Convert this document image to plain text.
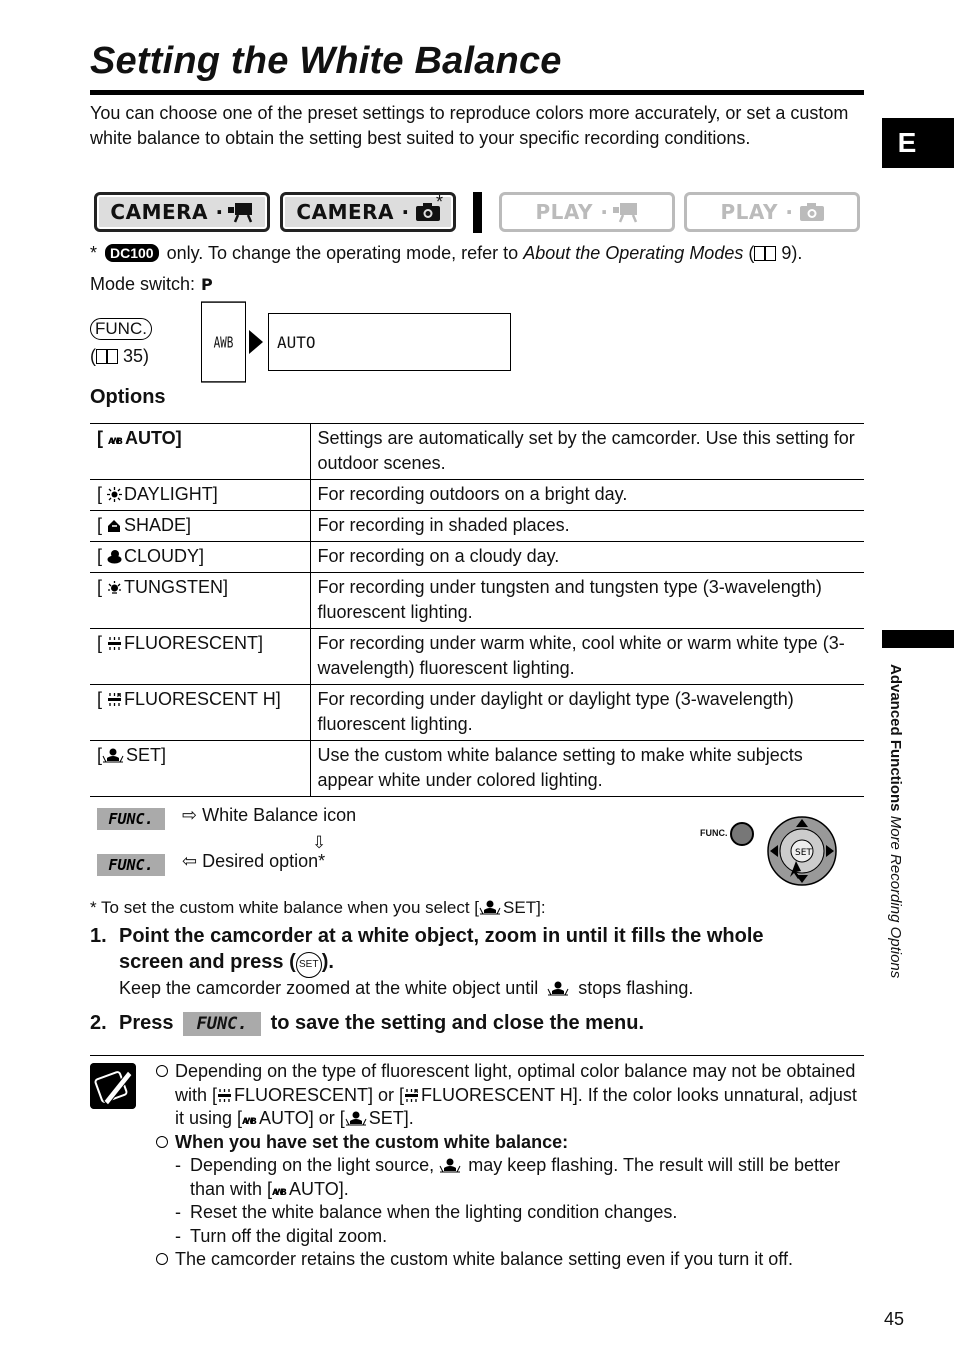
Setting the White Balance
You can choose one of the preset settings to reproduce colors more accurately, or set a custom white balance to obtain the setting best suited to your specific recording conditions.	E
CAMERA ·	CAMERA · *	PLAY ·	PLAY ·
* DC100 only. To change the operating mode, refer to About the Operating Modes ( 9).
Mode switch: P
FUNC.
( 35)
AWB	AUTO
Options
[ AWB AUTO]	Settings are automatically set by the camcorder. Use this setting for outdoor scenes.
[ DAYLIGHT]	For recording outdoors on a bright day.
[ SHADE]	For recording in shaded places.
[ CLOUDY]	For recording on a cloudy day.
[ TUNGSTEN]	For recording under tungsten and tungsten type (3-wavelength) fluorescent lighting.
[ FLUORESCENT]	For recording under warm white, cool white or warm white type (3-wavelength) fluorescent lighting.
[ H FLUORESCENT H]	For recording under daylight or daylight type (3-wavelength) fluorescent lighting.
[ SET]	Use the custom white balance setting to make white subjects appear white under colored lighting.
FUNC.	⇨ White Balance icon
⇩
FUNC.	⇦ Desired option*
FUNC.
SET
* To set the custom white balance when you select [ SET]:
1. Point the camcorder at a white object, zoom in until it fills the whole
screen and press ( SET ).
Keep the camcorder zoomed at the white object until stops flashing.
2. Press FUNC. to save the setting and close the menu.
Depending on the type of fluorescent light, optimal color balance may not be obtained with [ FLUORESCENT] or [ H FLUORESCENT H]. If the color looks unnatural, adjust it using [ AWB AUTO] or [ SET].
When you have set the custom white balance:
- Depending on the light source, may keep flashing. The result will still be better than with [ AWB AUTO].
- Reset the white balance when the lighting condition changes.
- Turn off the digital zoom.
The camcorder retains the custom white balance setting even if you turn it off.
Advanced Functions More Recording Options
45
